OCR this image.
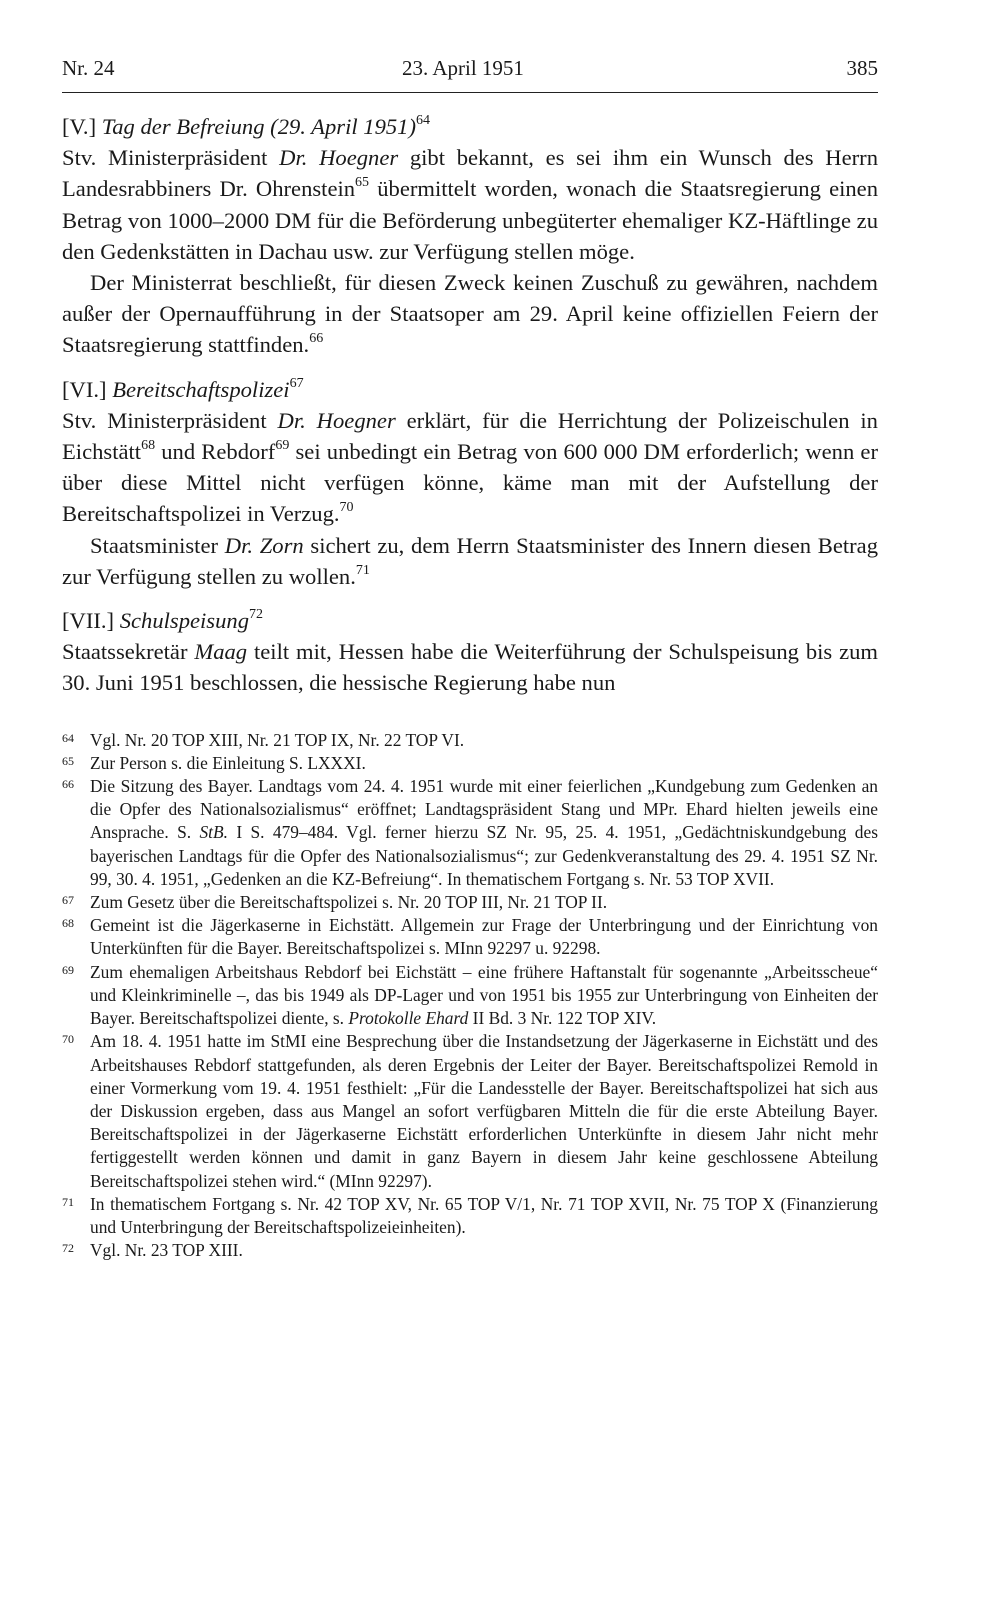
Nr. 24	23. April 1951	385

[V.] Tag der Befreiung (29. April 1951)$^{64}$

Stv. Ministerpräsident Dr. Hoegner gibt bekannt, es sei ihm ein Wunsch des Herrn Landesrabbiners Dr. Ohrenstein$^{65}$ übermittelt worden, wonach die Staatsregierung einen Betrag von 1000–2000 DM für die Beförderung unbegüterter ehemaliger KZ-Häftlinge zu den Gedenkstätten in Dachau usw. zur Verfügung stellen möge.

Der Ministerrat beschließt, für diesen Zweck keinen Zuschuß zu gewähren, nachdem außer der Opernaufführung in der Staatsoper am 29. April keine offiziellen Feiern der Staatsregierung stattfinden.$^{66}$

[VI.] Bereitschaftspolizei$^{67}$

Stv. Ministerpräsident Dr. Hoegner erklärt, für die Herrichtung der Polizeischulen in Eichstätt$^{68}$ und Rebdorf$^{69}$ sei unbedingt ein Betrag von 600 000 DM erforderlich; wenn er über diese Mittel nicht verfügen könne, käme man mit der Aufstellung der Bereitschaftspolizei in Verzug.$^{70}$

Staatsminister Dr. Zorn sichert zu, dem Herrn Staatsminister des Innern diesen Betrag zur Verfügung stellen zu wollen.$^{71}$

[VII.] Schulspeisung$^{72}$

Staatssekretär Maag teilt mit, Hessen habe die Weiterführung der Schulspeisung bis zum 30. Juni 1951 beschlossen, die hessische Regierung habe nun

64 Vgl. Nr. 20 TOP XIII, Nr. 21 TOP IX, Nr. 22 TOP VI.
65 Zur Person s. die Einleitung S. LXXXI.
66 Die Sitzung des Bayer. Landtags vom 24. 4. 1951 wurde mit einer feierlichen „Kundgebung zum Gedenken an die Opfer des Nationalsozialismus“ eröffnet; Landtagspräsident Stang und MPr. Ehard hielten jeweils eine Ansprache. S. StB. I S. 479–484. Vgl. ferner hierzu SZ Nr. 95, 25. 4. 1951, „Gedächtniskundgebung des bayerischen Landtags für die Opfer des Nationalsozialismus“; zur Gedenkveranstaltung des 29. 4. 1951 SZ Nr. 99, 30. 4. 1951, „Gedenken an die KZ-Befreiung“. In thematischem Fortgang s. Nr. 53 TOP XVII.
67 Zum Gesetz über die Bereitschaftspolizei s. Nr. 20 TOP III, Nr. 21 TOP II.
68 Gemeint ist die Jägerkaserne in Eichstätt. Allgemein zur Frage der Unterbringung und der Einrichtung von Unterkünften für die Bayer. Bereitschaftspolizei s. MInn 92297 u. 92298.
69 Zum ehemaligen Arbeitshaus Rebdorf bei Eichstätt – eine frühere Haftanstalt für sogenannte „Arbeitsscheue“ und Kleinkriminelle –, das bis 1949 als DP-Lager und von 1951 bis 1955 zur Unterbringung von Einheiten der Bayer. Bereitschaftspolizei diente, s. Protokolle Ehard II Bd. 3 Nr. 122 TOP XIV.
70 Am 18. 4. 1951 hatte im StMI eine Besprechung über die Instandsetzung der Jägerkaserne in Eichstätt und des Arbeitshauses Rebdorf stattgefunden, als deren Ergebnis der Leiter der Bayer. Bereitschaftspolizei Remold in einer Vormerkung vom 19. 4. 1951 festhielt: „Für die Landesstelle der Bayer. Bereitschaftspolizei hat sich aus der Diskussion ergeben, dass aus Mangel an sofort verfügbaren Mitteln die für die erste Abteilung Bayer. Bereitschaftspolizei in der Jägerkaserne Eichstätt erforderlichen Unterkünfte in diesem Jahr nicht mehr fertiggestellt werden können und damit in ganz Bayern in diesem Jahr keine geschlossene Abteilung Bereitschaftspolizei stehen wird.“ (MInn 92297).
71 In thematischem Fortgang s. Nr. 42 TOP XV, Nr. 65 TOP V/1, Nr. 71 TOP XVII, Nr. 75 TOP X (Finanzierung und Unterbringung der Bereitschaftspolizeieinheiten).
72 Vgl. Nr. 23 TOP XIII.
